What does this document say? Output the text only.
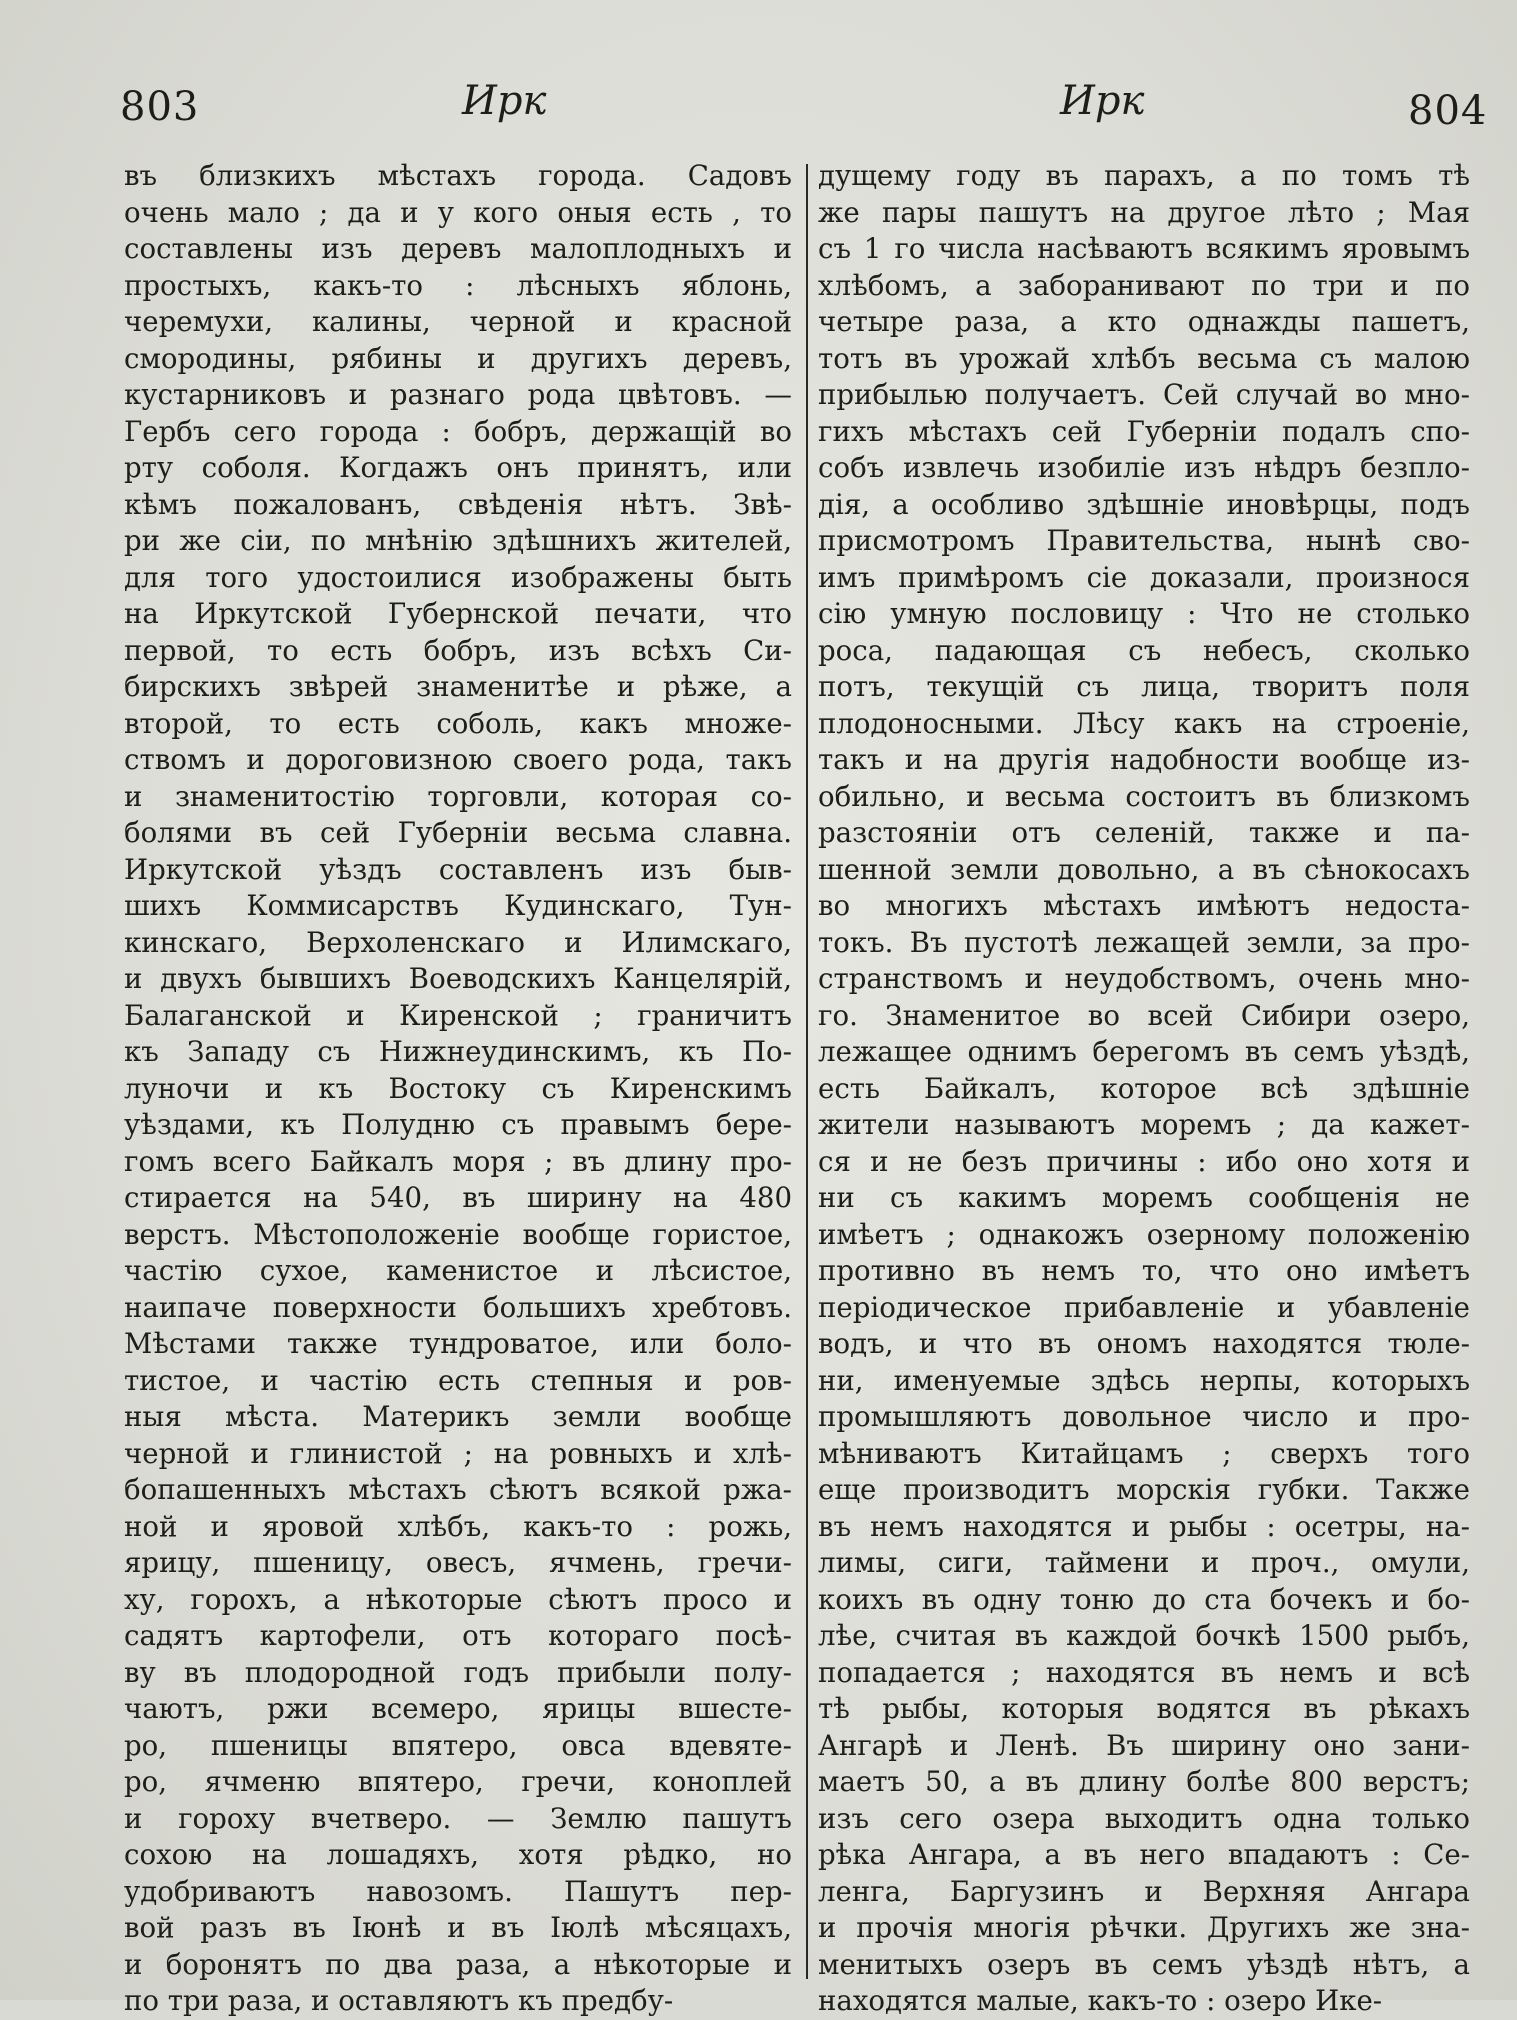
803	Ирк	Ирк	804
въ близкихъ мѣстахъ города. Садовъ
очень мало ; да и у кого оныя есть , то
составлены изъ деревъ малоплодныхъ и
простыхъ, какъ-то : лѣсныхъ яблонь,
черемухи, калины, черной и красной
смородины, рябины и другихъ деревъ,
кустарниковъ и разнаго рода цвѣтовъ. —
Гербъ сего города : бобръ, держащій во
рту соболя. Когдажъ онъ принятъ, или
кѣмъ пожалованъ, свѣденія нѣтъ. Звѣ-
ри же сіи, по мнѣнію здѣшнихъ жителей,
для того удостоилися изображены быть
на Иркутской Губернской печати, что
первой, то есть бобръ, изъ всѣхъ Си-
бирскихъ звѣрей знаменитѣе и рѣже, а
второй, то есть соболь, какъ множе-
ствомъ и дороговизною своего рода, такъ
и знаменитостію торговли, которая со-
болями въ сей Губерніи весьма славна.
Иркутской уѣздъ составленъ изъ быв-
шихъ Коммисарствъ Кудинскаго, Тун-
кинскаго, Верхоленскаго и Илимскаго,
и двухъ бывшихъ Воеводскихъ Канцелярій,
Балаганской и Киренской ; граничитъ
къ Западу съ Нижнеудинскимъ, къ По-
луночи и къ Востоку съ Киренскимъ
уѣздами, къ Полудню съ правымъ бере-
гомъ всего Байкалъ моря ; въ длину про-
стирается на 540, въ ширину на 480
верстъ. Мѣстоположеніе вообще гористое,
частію сухое, каменистое и лѣсистое,
наипаче поверхности большихъ хребтовъ.
Мѣстами также тундроватое, или боло-
тистое, и частію есть степныя и ров-
ныя мѣста. Материкъ земли вообще
черной и глинистой ; на ровныхъ и хлѣ-
бопашенныхъ мѣстахъ сѣютъ всякой ржа-
ной и яровой хлѣбъ, какъ-то : рожь,
ярицу, пшеницу, овесъ, ячмень, гречи-
ху, горохъ, а нѣкоторые сѣютъ просо и
садятъ картофели, отъ котораго посѣ-
ву въ плодородной годъ прибыли полу-
чаютъ, ржи всемеро, ярицы вшесте-
ро, пшеницы впятеро, овса вдевяте-
ро, ячменю впятеро, гречи, коноплей
и гороху вчетверо. — Землю пашутъ
сохою на лошадяхъ, хотя рѣдко, но
удобриваютъ навозомъ. Пашутъ пер-
вой разъ въ Іюнѣ и въ Іюлѣ мѣсяцахъ,
и боронятъ по два раза, а нѣкоторые и
по три раза, и оставляютъ къ предбу-
дущему году въ парахъ, а по томъ тѣ
же пары пашутъ на другое лѣто ; Мая
съ 1 го числа насѣваютъ всякимъ яровымъ
хлѣбомъ, а заборанивают по три и по
четыре раза, а кто однажды пашетъ,
тотъ въ урожай хлѣбъ весьма съ малою
прибылью получаетъ. Сей случай во мно-
гихъ мѣстахъ сей Губерніи подалъ спо-
собъ извлечь изобиліе изъ нѣдръ безпло-
дія, а особливо здѣшніе иновѣрцы, подъ
присмотромъ Правительства, нынѣ сво-
имъ примѣромъ сіе доказали, произнося
сію умную пословицу : Что не столько
роса, падающая съ небесъ, сколько
потъ, текущій съ лица, творитъ поля
плодоносными. Лѣсу какъ на строеніе,
такъ и на другія надобности вообще из-
обильно, и весьма состоитъ въ близкомъ
разстояніи отъ селеній, также и па-
шенной земли довольно, а въ сѣнокосахъ
во многихъ мѣстахъ имѣютъ недоста-
токъ. Въ пустотѣ лежащей земли, за про-
странствомъ и неудобствомъ, очень мно-
го. Знаменитое во всей Сибири озеро,
лежащее однимъ берегомъ въ семъ уѣздѣ,
есть Байкалъ, которое всѣ здѣшніе
жители называютъ моремъ ; да кажет-
ся и не безъ причины : ибо оно хотя и
ни съ какимъ моремъ сообщенія не
имѣетъ ; однакожъ озерному положенію
противно въ немъ то, что оно имѣетъ
періодическое прибавленіе и убавленіе
водъ, и что въ ономъ находятся тюле-
ни, именуемые здѣсь нерпы, которыхъ
промышляютъ довольное число и про-
мѣниваютъ Китайцамъ ; сверхъ того
еще производитъ морскія губки. Также
въ немъ находятся и рыбы : осетры, на-
лимы, сиги, таймени и проч., омули,
коихъ въ одну тоню до ста бочекъ и бо-
лѣе, считая въ каждой бочкѣ 1500 рыбъ,
попадается ; находятся въ немъ и всѣ
тѣ рыбы, которыя водятся въ рѣкахъ
Ангарѣ и Ленѣ. Въ ширину оно зани-
маетъ 50, а въ длину болѣе 800 верстъ;
изъ сего озера выходитъ одна только
рѣка Ангара, а въ него впадаютъ : Се-
ленга, Баргузинъ и Верхняя Ангара
и прочія многія рѣчки. Другихъ же зна-
менитыхъ озеръ въ семъ уѣздѣ нѣтъ, а
находятся малые, какъ-то : озеро Ике-
